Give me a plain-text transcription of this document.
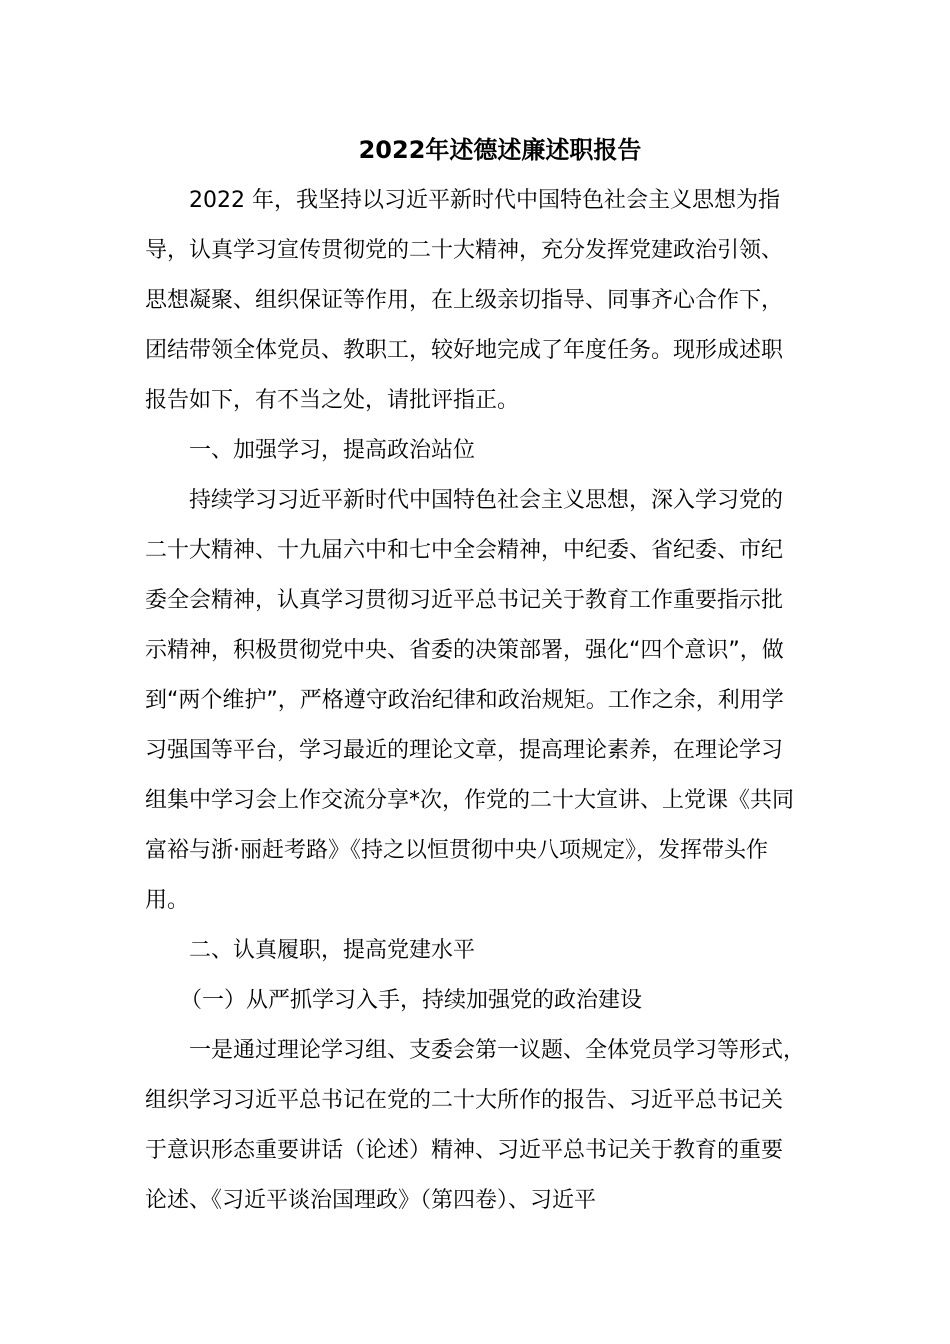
2022年述德述廉述职报告
2022 年，我坚持以习近平新时代中国特色社会主义思想为指
导，认真学习宣传贯彻党的二十大精神，充分发挥党建政治引领、
思想凝聚、组织保证等作用，在上级亲切指导、同事齐心合作下，
团结带领全体党员、教职工，较好地完成了年度任务。现形成述职
报告如下，有不当之处，请批评指正。
一、加强学习，提高政治站位
持续学习习近平新时代中国特色社会主义思想，深入学习党的
二十大精神、十九届六中和七中全会精神，中纪委、省纪委、市纪
委全会精神，认真学习贯彻习近平总书记关于教育工作重要指示批
示精神，积极贯彻党中央、省委的决策部署，强化“四个意识”，做
到“两个维护”，严格遵守政治纪律和政治规矩。工作之余，利用学
习强国等平台，学习最近的理论文章，提高理论素养，在理论学习
组集中学习会上作交流分享*次，作党的二十大宣讲、上党课《共同
富裕与浙·丽赶考路》《持之以恒贯彻中央八项规定》，发挥带头作
用。
二、认真履职，提高党建水平
（一）从严抓学习入手，持续加强党的政治建设
一是通过理论学习组、支委会第一议题、全体党员学习等形式，
组织学习习近平总书记在党的二十大所作的报告、习近平总书记关
于意识形态重要讲话（论述）精神、习近平总书记关于教育的重要
论述、《习近平谈治国理政》（第四卷）、习近平
